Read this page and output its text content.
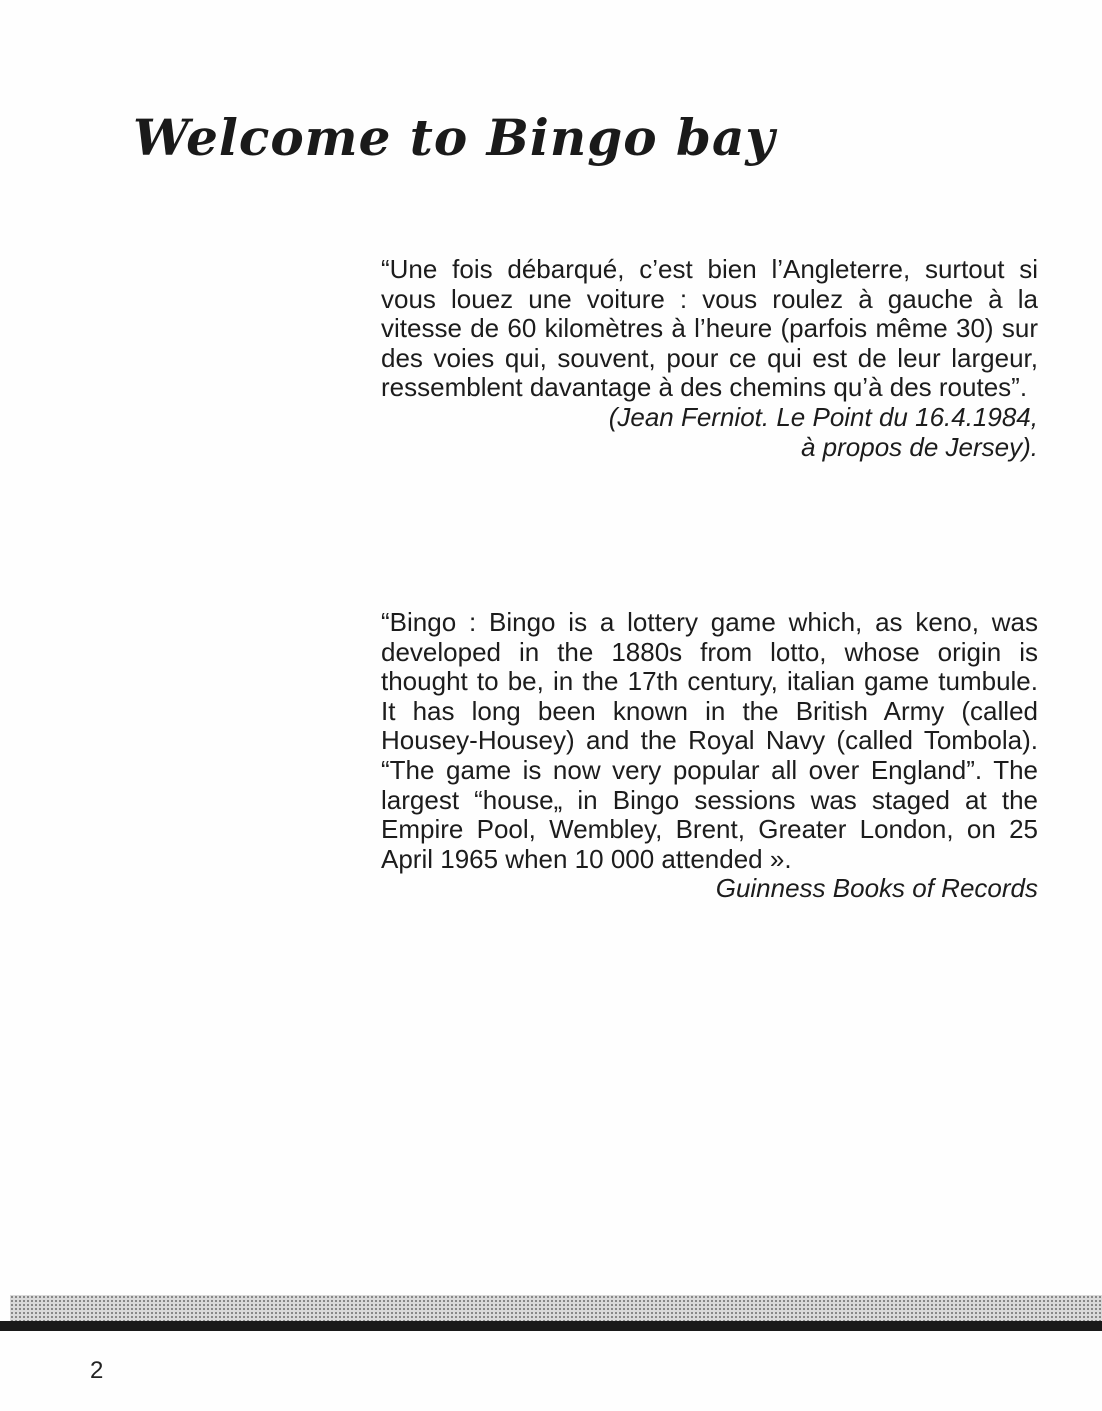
Welcome to Bingo bay
“Une fois débarqué, c’est bien l’Angleterre, surtout si vous louez une voiture : vous roulez à gauche à la vitesse de 60 kilomètres à l’heure (parfois même 30) sur des voies qui, souvent, pour ce qui est de leur largeur, ressemblent davantage à des chemins qu’à des routes”.
(Jean Ferniot. Le Point du 16.4.1984,
à propos de Jersey).
“Bingo : Bingo is a lottery game which, as keno, was developed in the 1880s from lotto, whose origin is thought to be, in the 17th century, italian game tumbule. It has long been known in the British Army (called Housey-Housey) and the Royal Navy (called Tombola). “The game is now very popular all over England”. The largest “house„ in Bingo sessions was staged at the Empire Pool, Wembley, Brent, Greater London, on 25 April 1965 when 10 000 attended ».
Guinness Books of Records

2
